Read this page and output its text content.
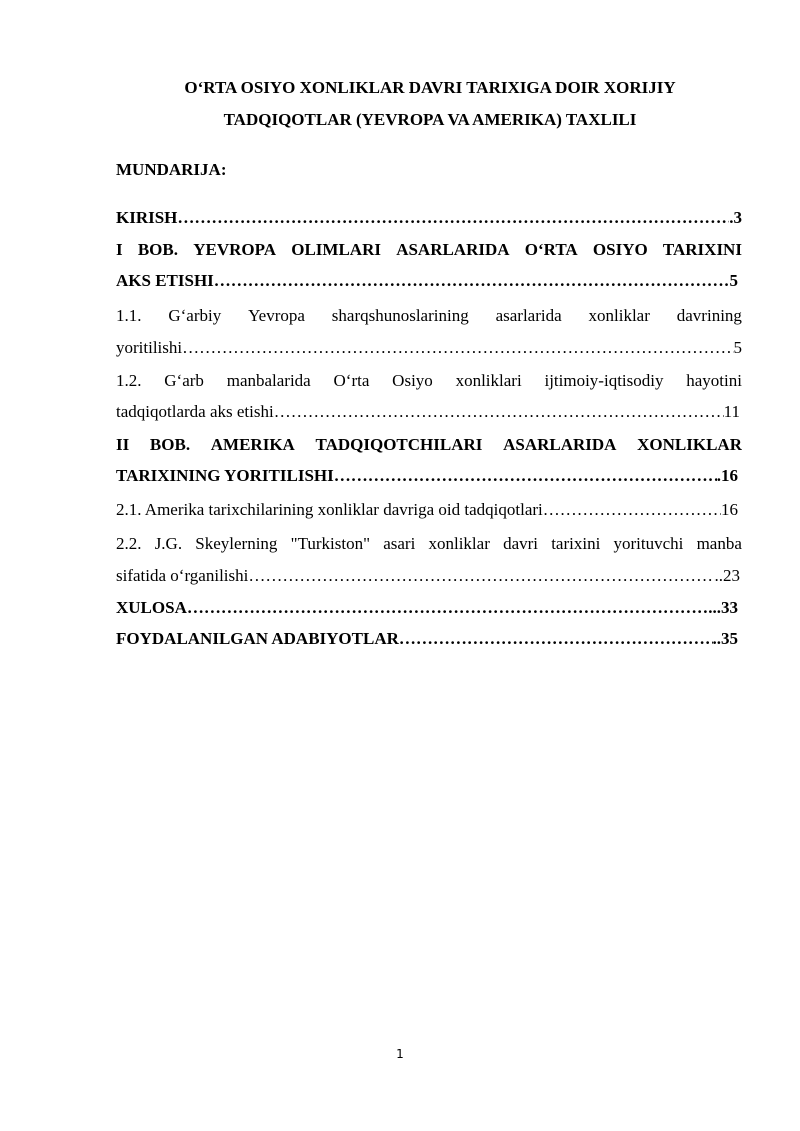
O‘RTA OSIYO XONLIKLAR DAVRI TARIXIGA DOIR XORIJIY
TADQIQOTLAR (YEVROPA VA AMERIKA) TAXLILI
MUNDARIJA:
KIRISH …………………………………………………………………………………………………………………………………………………………………………………………………………………………	.3
I BOB. YEVROPA OLIMLARI ASARLARIDA O‘RTA OSIYO TARIXINI
AKS ETISHI …………………………………………………………………………………………………………………………………………………………………………………………………………………………	5
1.1. G‘arbiy Yevropa sharqshunoslarining asarlarida xonliklar davrining
yoritilishi …………………………………………………………………………………………………………………………………………………………………………………………………………………………	5
1.2. G‘arb manbalarida O‘rta Osiyo xonliklari ijtimoiy-iqtisodiy hayotini
tadqiqotlarda aks etishi …………………………………………………………………………………………………………………………………………………………………………………………………………………………	11
II BOB. AMERIKA TADQIQOTCHILARI ASARLARIDA XONLIKLAR
TARIXINING YORITILISHI …………………………………………………………………………………………………………………………………………………………………………………………………………………………	.16
2.1. Amerika tarixchilarining xonliklar davriga oid tadqiqotlari …………………………………………………………………………………………………………………………………………………………………………………………………………………………	16
2.2. J.G. Skeylerning "Turkiston" asari xonliklar davri tarixini yorituvchi manba
sifatida o‘rganilishi …………………………………………………………………………………………………………………………………………………………………………………………………………………………	..23
XULOSA …………………………………………………………………………………………………………………………………………………………………………………………………………………………	...33
FOYDALANILGAN ADABIYOTLAR …………………………………………………………………………………………………………………………………………………………………………………………………………………………	..35
1
